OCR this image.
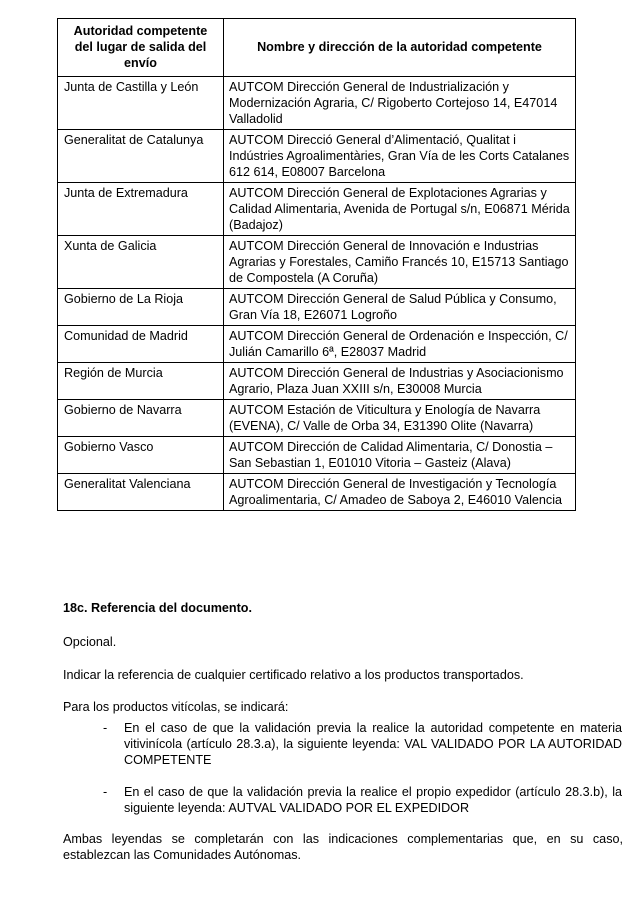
Autoridad competente del lugar de salida del envío	Nombre y dirección de la autoridad competente
Junta de Castilla y León	AUTCOM Dirección General de Industrialización y Modernización Agraria, C/ Rigoberto Cortejoso 14, E47014 Valladolid
Generalitat de Catalunya	AUTCOM Direcció General d’Alimentació, Qualitat i Indústries Agroalimentàries, Gran Vía de les Corts Catalanes 612 614, E08007 Barcelona
Junta de Extremadura	AUTCOM Dirección General de Explotaciones Agrarias y Calidad Alimentaria, Avenida de Portugal s/n, E06871 Mérida (Badajoz)
Xunta de Galicia	AUTCOM Dirección General de Innovación e Industrias Agrarias y Forestales, Camiño Francés 10, E15713 Santiago de Compostela (A Coruña)
Gobierno de La Rioja	AUTCOM Dirección General de Salud Pública y Consumo, Gran Vía 18, E26071 Logroño
Comunidad de Madrid	AUTCOM Dirección General de Ordenación e Inspección, C/ Julián Camarillo 6ª, E28037 Madrid
Región de Murcia	AUTCOM Dirección General de Industrias y Asociacionismo Agrario, Plaza Juan XXIII s/n, E30008 Murcia
Gobierno de Navarra	AUTCOM Estación de Viticultura y Enología de Navarra (EVENA), C/ Valle de Orba 34, E31390 Olite (Navarra)
Gobierno Vasco	AUTCOM Dirección de Calidad Alimentaria, C/ Donostia – San Sebastian 1, E01010 Vitoria – Gasteiz (Alava)
Generalitat Valenciana	AUTCOM Dirección General de Investigación y Tecnología Agroalimentaria, C/ Amadeo de Saboya 2, E46010 Valencia
18c. Referencia del documento.
Opcional.
Indicar la referencia de cualquier certificado relativo a los productos transportados.
Para los productos vitícolas, se indicará:
-	En el caso de que la validación previa la realice la autoridad competente en materia vitivinícola (artículo 28.3.a), la siguiente leyenda: VAL VALIDADO POR LA AUTORIDAD COMPETENTE
-	En el caso de que la validación previa la realice el propio expedidor (artículo 28.3.b), la siguiente leyenda: AUTVAL VALIDADO POR EL EXPEDIDOR
Ambas leyendas se completarán con las indicaciones complementarias que, en su caso, establezcan las Comunidades Autónomas.
